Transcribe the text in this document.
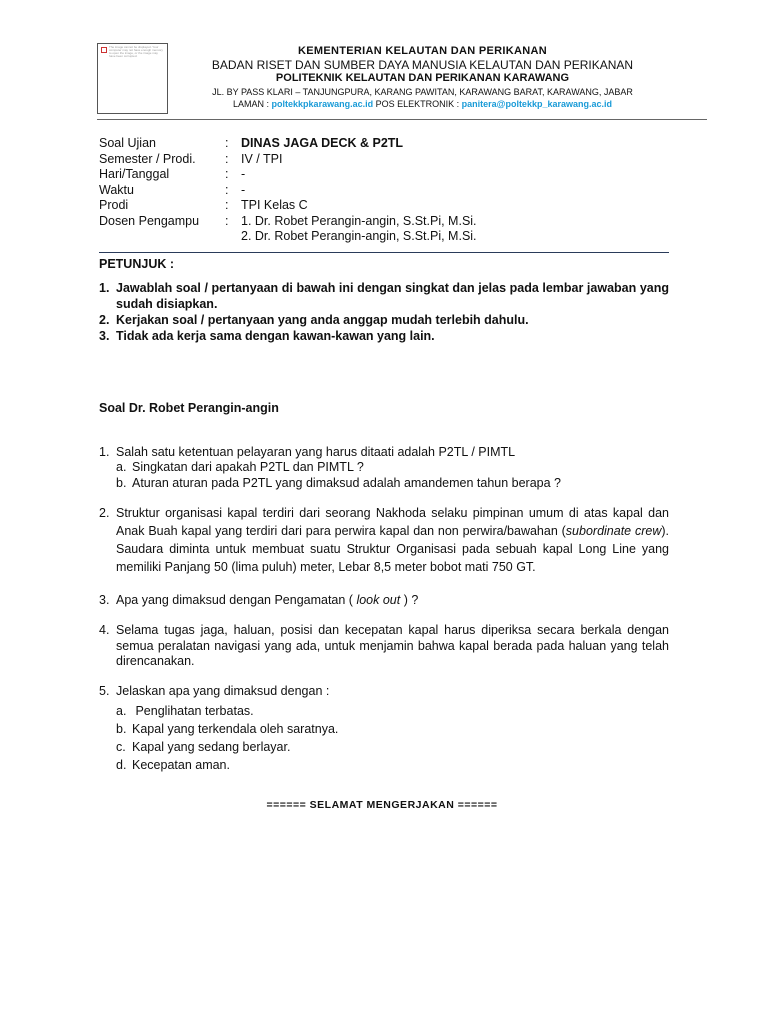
The image cannot be displayed. Your computer may not have enough memory to open the image, or the image may have been corrupted.	KEMENTERIAN KELAUTAN DAN PERIKANAN
BADAN RISET DAN SUMBER DAYA MANUSIA KELAUTAN DAN PERIKANAN
POLITEKNIK KELAUTAN DAN PERIKANAN KARAWANG
JL. BY PASS KLARI – TANJUNGPURA, KARANG PAWITAN, KARAWANG BARAT, KARAWANG, JABAR
LAMAN : poltekkpkarawang.ac.id POS ELEKTRONIK : panitera@poltekkp_karawang.ac.id
Soal Ujian	: DINAS JAGA DECK & P2TL
Semester / Prodi. : IV / TPI
Hari/Tanggal	: -
Waktu	: -
Prodi	: TPI Kelas C
Dosen Pengampu : 1. Dr. Robet Perangin-angin, S.St.Pi, M.Si.
2. Dr. Robet Perangin-angin, S.St.Pi, M.Si.
PETUNJUK :
1. Jawablah soal / pertanyaan di bawah ini dengan singkat dan jelas pada lembar jawaban yang sudah disiapkan.
2. Kerjakan soal / pertanyaan yang anda anggap mudah terlebih dahulu.
3. Tidak ada kerja sama dengan kawan-kawan yang lain.
Soal Dr. Robet Perangin-angin
1. Salah satu ketentuan pelayaran yang harus ditaati adalah P2TL / PIMTL
a. Singkatan dari apakah P2TL dan PIMTL ?
b. Aturan aturan pada P2TL yang dimaksud adalah amandemen tahun berapa ?
2. Struktur organisasi kapal terdiri dari seorang Nakhoda selaku pimpinan umum di atas kapal dan Anak Buah kapal yang terdiri dari para perwira kapal dan non perwira/bawahan (subordinate crew). Saudara diminta untuk membuat suatu Struktur Organisasi pada sebuah kapal Long Line yang memiliki Panjang 50 (lima puluh) meter, Lebar 8,5 meter bobot mati 750 GT.
3. Apa yang dimaksud dengan Pengamatan ( look out ) ?
4. Selama tugas jaga, haluan, posisi dan kecepatan kapal harus diperiksa secara berkala dengan semua peralatan navigasi yang ada, untuk menjamin bahwa kapal berada pada haluan yang telah direncanakan.
5. Jelaskan apa yang dimaksud dengan :
a. Penglihatan terbatas.
b. Kapal yang terkendala oleh saratnya.
c. Kapal yang sedang berlayar.
d. Kecepatan aman.
====== SELAMAT MENGERJAKAN ======
